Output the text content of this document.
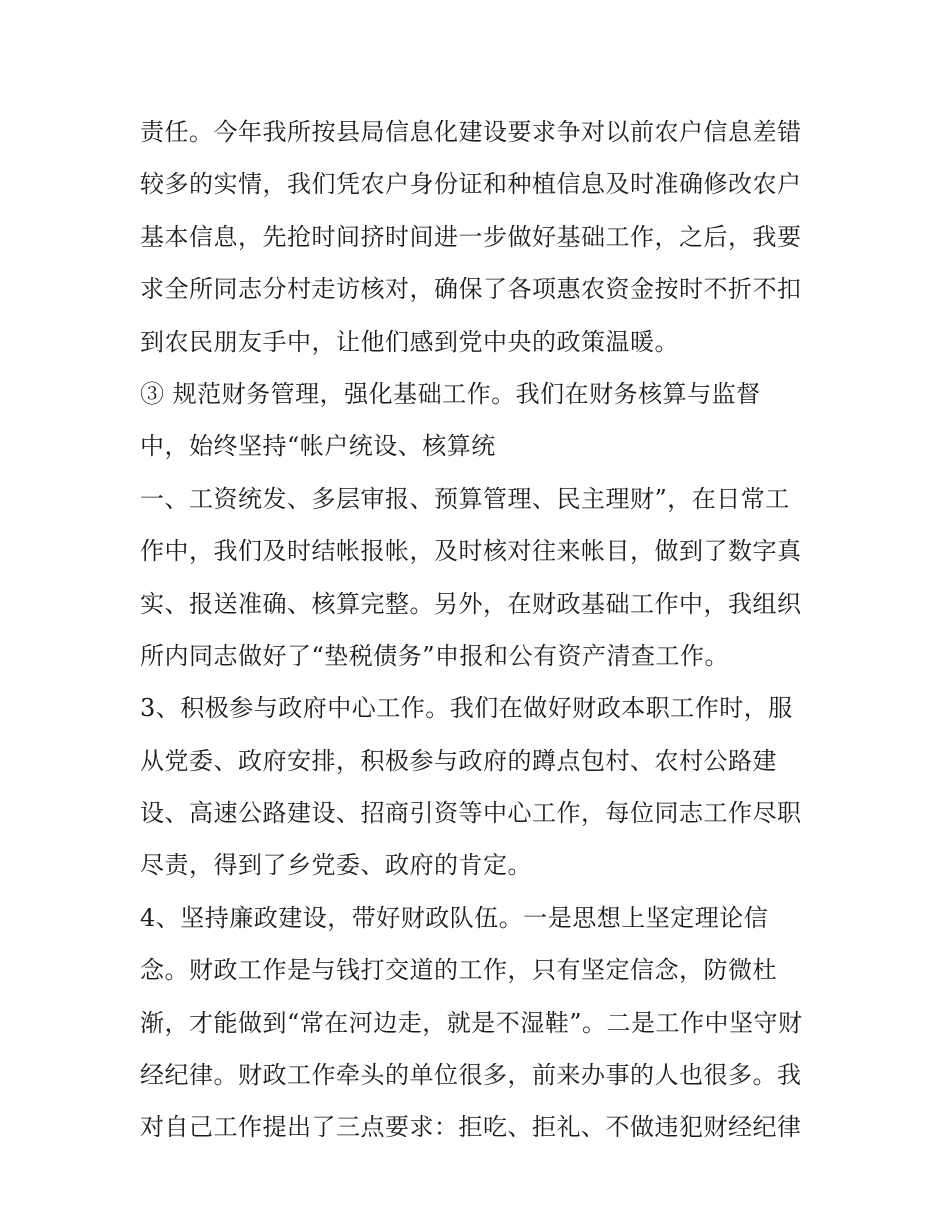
责任。今年我所按县局信息化建设要求争对以前农户信息差错
较多的实情，我们凭农户身份证和种植信息及时准确修改农户
基本信息，先抢时间挤时间进一步做好基础工作，之后，我要
求全所同志分村走访核对，确保了各项惠农资金按时不折不扣
到农民朋友手中，让他们感到党中央的政策温暖。
③ 规范财务管理，强化基础工作。我们在财务核算与监督
中，始终坚持“帐户统设、核算统
一、工资统发、多层审报、预算管理、民主理财”，在日常工
作中，我们及时结帐报帐，及时核对往来帐目，做到了数字真
实、报送准确、核算完整。另外，在财政基础工作中，我组织
所内同志做好了“垫税债务”申报和公有资产清查工作。
3、积极参与政府中心工作。我们在做好财政本职工作时，服
从党委、政府安排，积极参与政府的蹲点包村、农村公路建
设、高速公路建设、招商引资等中心工作，每位同志工作尽职
尽责，得到了乡党委、政府的肯定。
4、坚持廉政建设，带好财政队伍。一是思想上坚定理论信
念。财政工作是与钱打交道的工作，只有坚定信念，防微杜
渐，才能做到“常在河边走，就是不湿鞋”。二是工作中坚守财
经纪律。财政工作牵头的单位很多，前来办事的人也很多。我
对自己工作提出了三点要求：拒吃、拒礼、不做违犯财经纪律
